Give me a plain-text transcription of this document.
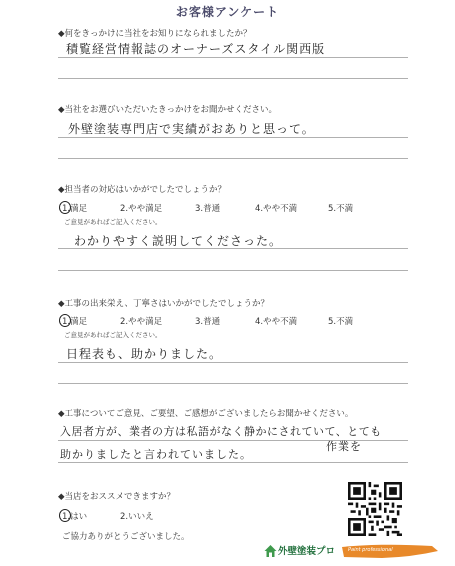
お客様アンケート
◆何をきっかけに当社をお知りになられましたか？
積覧経営情報誌のオーナーズスタイル関西版
◆当社をお選びいただいたきっかけをお聞かせください。
外壁塗装専門店で実績がおありと思って。
◆担当者の対応はいかがでしたでしょうか？
1.満足	2.やや満足	3.普通	4.やや不満	5.不満
ご意見があればご記入ください。
わかりやすく説明してくださった。
◆工事の出来栄え、丁寧さはいかがでしたでしょうか？
1.満足	2.やや満足	3.普通	4.やや不満	5.不満
ご意見があればご記入ください。
日程表も、助かりました。
◆工事についてご意見、ご要望、ご感想がございましたらお聞かせください。
入居者方が、業者の方は私語がなく静かにされていて、とても
助かりましたと言われていました。
作業を
◆当店をおススメできますか？
1.はい	2.いいえ
ご協力ありがとうございました。
外壁塗装プロ	Paint professional
